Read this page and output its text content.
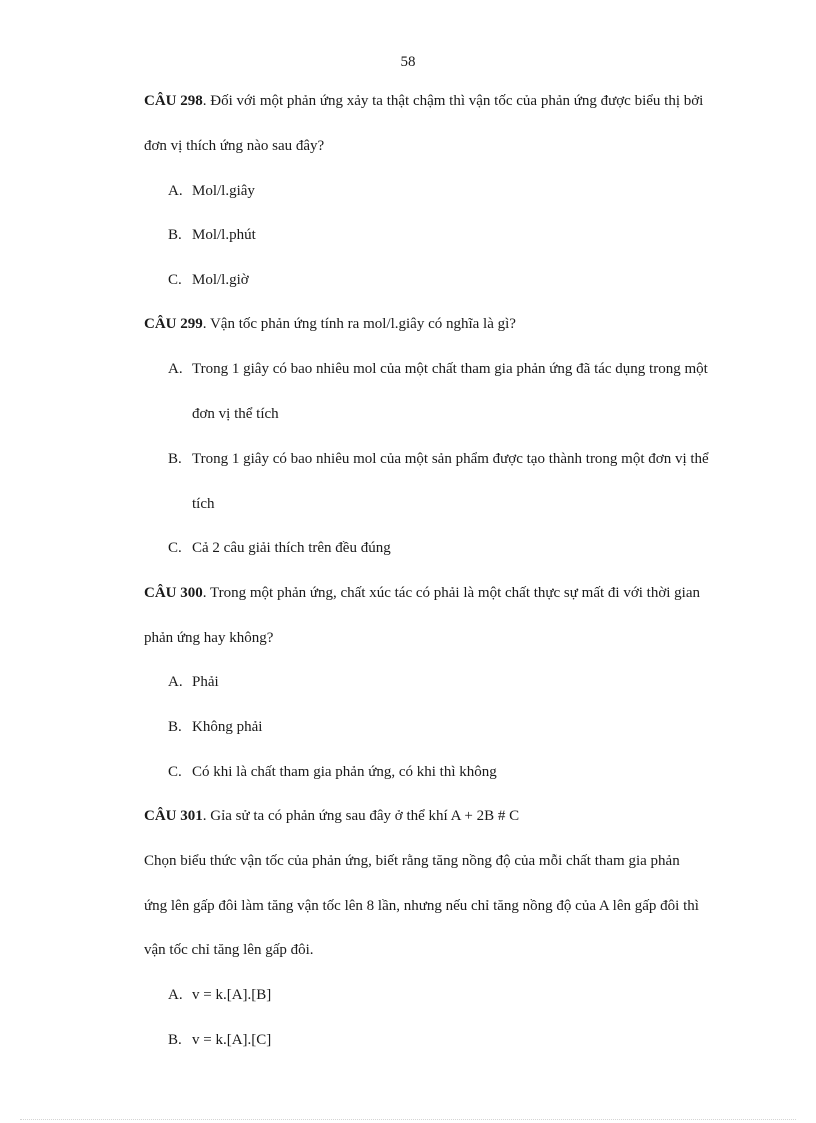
58
CÂU 298. Đối với một phản ứng xảy ta thật chậm thì vận tốc của phản ứng được biểu thị bởi
đơn vị thích ứng nào sau đây?
A. Mol/l.giây
B. Mol/l.phút
C. Mol/l.giờ
CÂU 299. Vận tốc phản ứng tính ra mol/l.giây có nghĩa là gì?
A. Trong 1 giây có bao nhiêu mol của một chất tham gia phản ứng đã tác dụng trong một
đơn vị thể tích
B. Trong 1 giây có bao nhiêu mol của một sản phẩm được tạo thành trong một đơn vị thể
tích
C. Cả 2 câu giải thích trên đều đúng
CÂU 300. Trong một phản ứng, chất xúc tác có phải là một chất thực sự mất đi với thời gian
phản ứng hay không?
A. Phải
B. Không phải
C. Có khi là chất tham gia phản ứng, có khi thì không
CÂU 301. Gỉa sử ta có phản ứng sau đây ở thể khí A + 2B # C
Chọn biểu thức vận tốc của phản ứng, biết rằng tăng nồng độ của mỗi chất tham gia phản
ứng lên gấp đôi làm tăng vận tốc lên 8 lần, nhưng nếu chỉ tăng nồng độ của A lên gấp đôi thì
vận tốc chỉ tăng lên gấp đôi.
A. v = k.[A].[B]
B. v = k.[A].[C]
